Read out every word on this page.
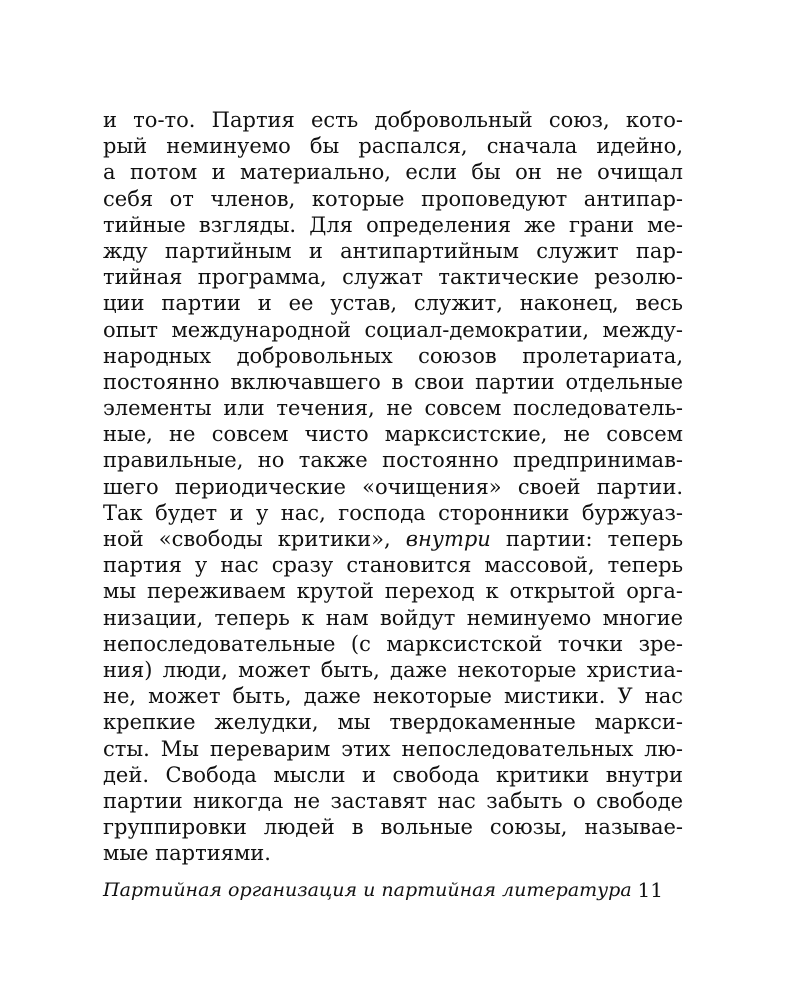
и то-то. Партия есть добровольный союз, кото-
рый неминуемо бы распался, сначала идейно,
а потом и материально, если бы он не очищал
себя от членов, которые проповедуют антипар-
тийные взгляды. Для определения же грани ме-
жду партийным и антипартийным служит пар-
тийная программа, служат тактические резолю-
ции партии и ее устав, служит, наконец, весь
опыт международной социал-демократии, между-
народных добровольных союзов пролетариата,
постоянно включавшего в свои партии отдельные
элементы или течения, не совсем последователь-
ные, не совсем чисто марксистские, не совсем
правильные, но также постоянно предпринимав-
шего периодические «очищения» своей партии.
Так будет и у нас, господа сторонники буржуаз-
ной «свободы критики», внутри партии: теперь
партия у нас сразу становится массовой, теперь
мы переживаем крутой переход к открытой орга-
низации, теперь к нам войдут неминуемо многие
непоследовательные (с марксистской точки зре-
ния) люди, может быть, даже некоторые христиа-
не, может быть, даже некоторые мистики. У нас
крепкие желудки, мы твердокаменные маркси-
сты. Мы переварим этих непоследовательных лю-
дей. Свобода мысли и свобода критики внутри
партии никогда не заставят нас забыть о свободе
группировки людей в вольные союзы, называе-
мые партиями.
Партийная организация и партийная литература 11
